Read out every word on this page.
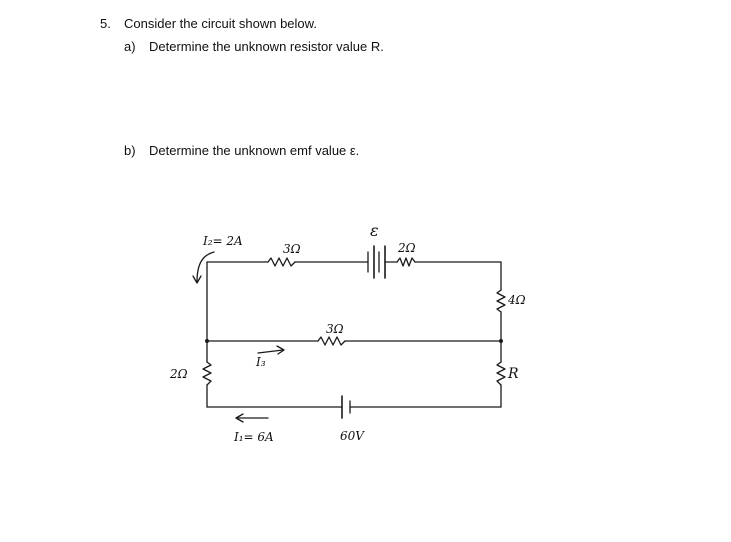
5. Consider the circuit shown below.
a) Determine the unknown resistor value R.
b) Determine the unknown emf value ε.
I₂= 2A
3Ω
ε
2Ω
4Ω
3Ω
I₃
2Ω	R
I₁= 6A	60V
